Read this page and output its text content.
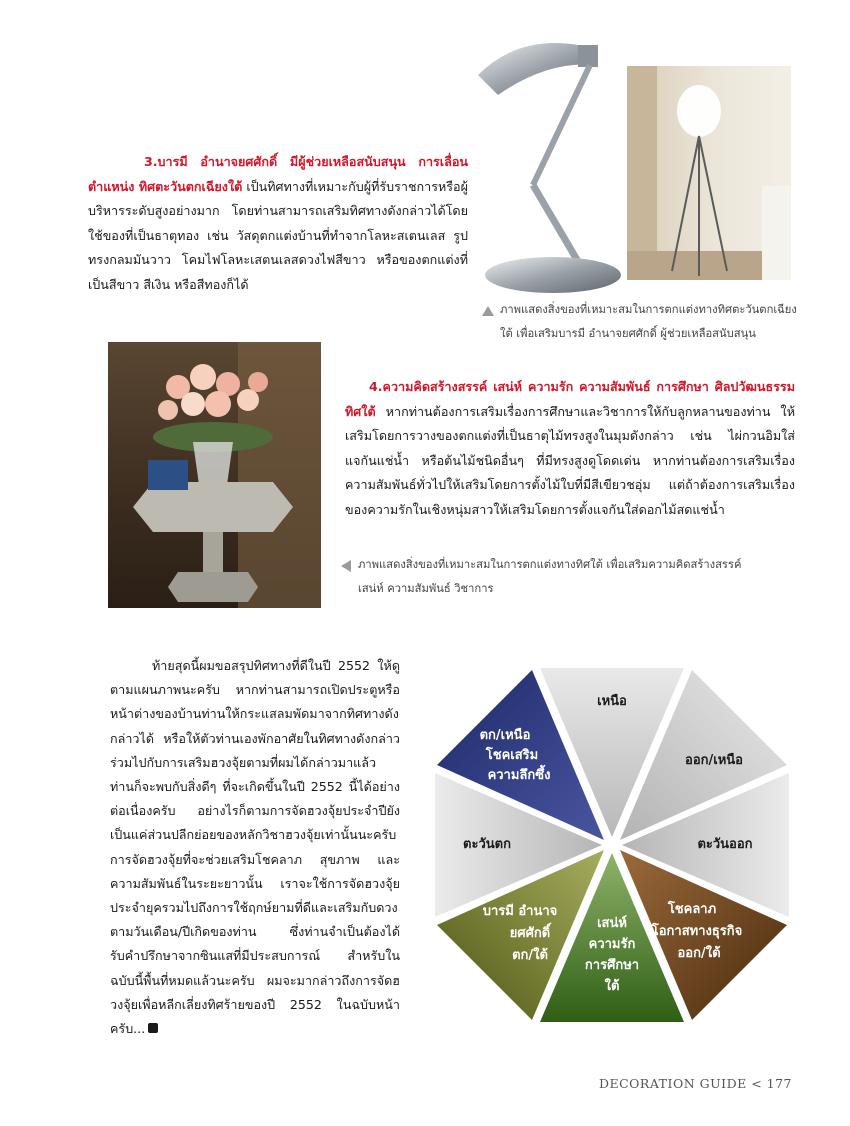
3.บารมี อำนาจยศศักดิ์ มีผู้ช่วยเหลือสนับสนุน การเลื่อนตำแหน่ง ทิศตะวันตกเฉียงใต้ เป็นทิศทางที่เหมาะกับผู้ที่รับราชการหรือผู้บริหารระดับสูงอย่างมาก โดยท่านสามารถเสริมทิศทางดังกล่าวได้โดยใช้ของที่เป็นธาตุทอง เช่น วัสดุตกแต่งบ้านที่ทำจากโลหะสเตนเลส รูปทรงกลมมันวาว โคมไฟโลหะเสตนเลสดวงไฟสีขาว หรือของตกแต่งที่เป็นสีขาว สีเงิน หรือสีทองก็ได้
ภาพแสดงสิ่งของที่เหมาะสมในการตกแต่งทางทิศตะวันตกเฉียงใต้ เพื่อเสริมบารมี อำนาจยศศักดิ์ ผู้ช่วยเหลือสนับสนุน
4.ความคิดสร้างสรรค์ เสน่ห์ ความรัก ความสัมพันธ์ การศึกษา ศิลปวัฒนธรรม ทิศใต้ หากท่านต้องการเสริมเรื่องการศึกษาและวิชาการให้กับลูกหลานของท่าน ให้เสริมโดยการวางของตกแต่งที่เป็นธาตุไม้ทรงสูงในมุมดังกล่าว เช่น ไผ่กวนอิมใส่แจกันแช่น้ำ หรือต้นไม้ชนิดอื่นๆ ที่มีทรงสูงดูโดดเด่น หากท่านต้องการเสริมเรื่องความสัมพันธ์ทั่วไปให้เสริมโดยการตั้งไม้ใบที่มีสีเขียวชอุ่ม แต่ถ้าต้องการเสริมเรื่องของความรักในเชิงหนุ่มสาวให้เสริมโดยการตั้งแจกันใส่ดอกไม้สดแช่น้ำ
ภาพแสดงสิ่งของที่เหมาะสมในการตกแต่งทางทิศใต้ เพื่อเสริมความคิดสร้างสรรค์ เสน่ห์ ความสัมพันธ์ วิชาการ
ท้ายสุดนี้ผมขอสรุปทิศทางที่ดีในปี 2552 ให้ดูตามแผนภาพนะครับ หากท่านสามารถเปิดประตูหรือหน้าต่างของบ้านท่านให้กระแสลมพัดมาจากทิศทางดังกล่าวได้ หรือให้ตัวท่านเองพักอาศัยในทิศทางดังกล่าว ร่วมไปกับการเสริมฮวงจุ้ยตามที่ผมได้กล่าวมาแล้ว ท่านก็จะพบกับสิ่งดีๆ ที่จะเกิดขึ้นในปี 2552 นี้ได้อย่างต่อเนื่องครับ อย่างไรก็ตามการจัดฮวงจุ้ยประจำปียังเป็นแค่ส่วนปลีกย่อยของหลักวิชาฮวงจุ้ยเท่านั้นนะครับ การจัดฮวงจุ้ยที่จะช่วยเสริมโชคลาภ สุขภาพ และความสัมพันธ์ในระยะยาวนั้น เราจะใช้การจัดฮวงจุ้ยประจำยุครวมไปถึงการใช้ฤกษ์ยามที่ดีและเสริมกับดวงตามวันเดือน/ปีเกิดของท่าน ซึ่งท่านจำเป็นต้องได้รับคำปรึกษาจากซินแสที่มีประสบการณ์ สำหรับในฉบับนี้พื้นที่หมดแล้วนะครับ ผมจะมากล่าวถึงการจัดฮวงจุ้ยเพื่อหลีกเลี่ยงทิศร้ายของปี 2552 ในฉบับหน้าครับ...
เหนือ
ออก/เหนือ
ตะวันออก
ตะวันตก
ตก/เหนือ
โชคเสริม
ความลึกซึ้ง
โชคลาภ
โอกาสทางธุรกิจ
ออก/ใต้
เสน่ห์
ความรัก
การศึกษา
ใต้
บารมี อำนาจ
ยศศักดิ์
ตก/ใต้
DECORATION GUIDE < 177
